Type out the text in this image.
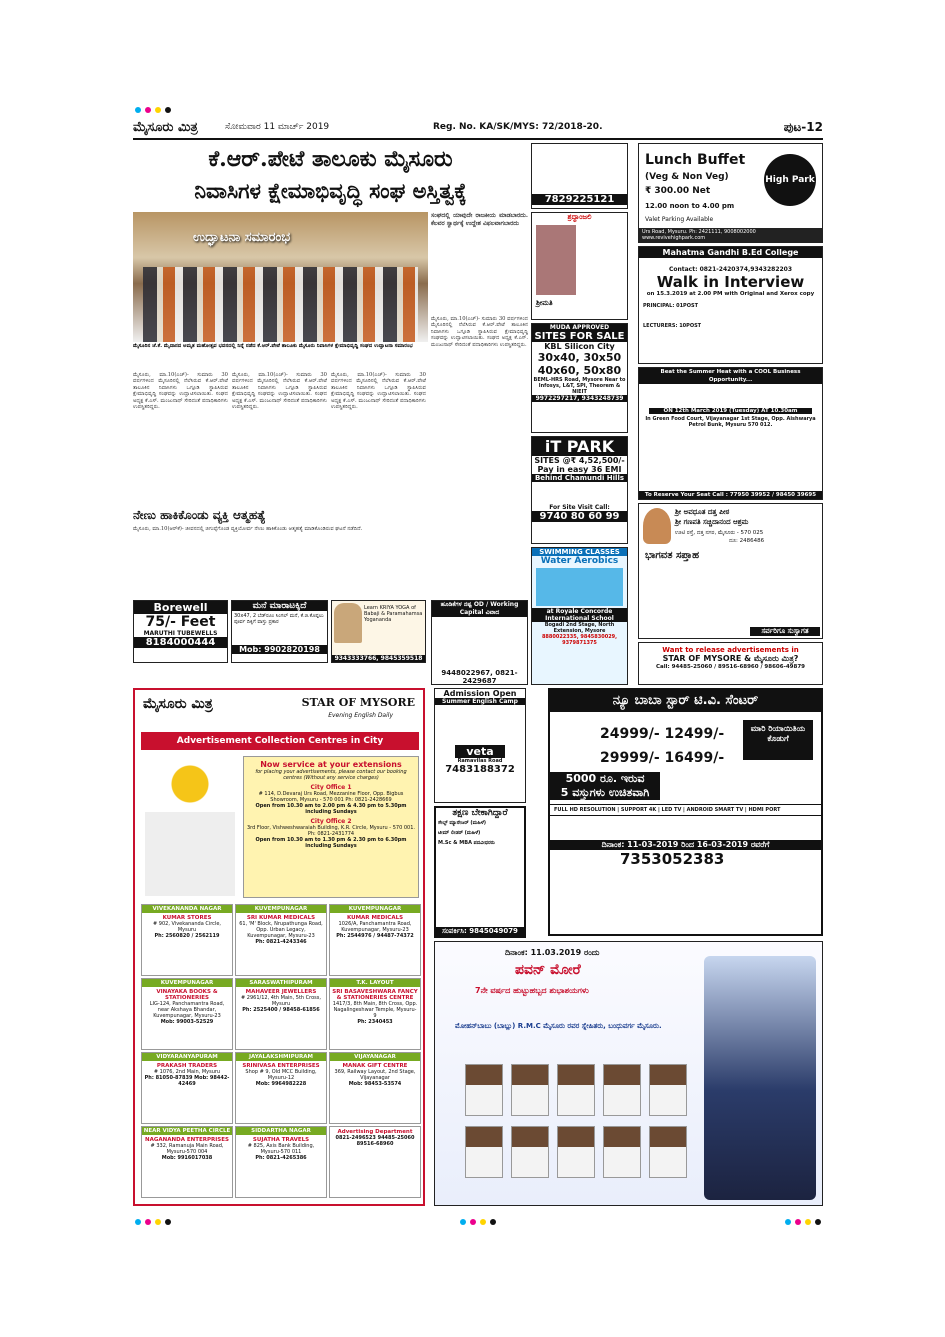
ಮೈಸೂರು ಮಿತ್ರ	ಸೋಮವಾರ 11 ಮಾರ್ಚ್ 2019	Reg. No. KA/SK/MYS: 72/2018-20.	ಪುಟ-12
ಕೆ.ಆರ್.ಪೇಟೆ ತಾಲೂಕು ಮೈಸೂರು
ನಿವಾಸಿಗಳ ಕ್ಷೇಮಾಭಿವೃದ್ಧಿ ಸಂಘ ಅಸ್ತಿತ್ವಕ್ಕೆ
ಉದ್ಘಾಟನಾ ಸಮಾರಂಭ
ಮೈಸೂರಿನ ಜೆ.ಕೆ. ಮೈದಾನದ ಅಮೃತ ಮಹೋತ್ಸವ ಭವನದಲ್ಲಿ ನಿನ್ನೆ ನಡೆದ ಕೆ.ಆರ್.ಪೇಟೆ ತಾಲೂಕು ಮೈಸೂರು ನಿವಾಸಿಗಳ ಕ್ಷೇಮಾಭಿವೃದ್ಧಿ ಸಂಘದ ಉದ್ಘಾಟನಾ ಸಮಾರಂಭ
ಸಂಘದಲ್ಲಿ ಯಾವುದೇ ರಾಜಕೀಯ ಮಾಡಬಾರದು. ಕೆಲವರ ಸ್ವಾರ್ಥಕ್ಕೆ ಉದ್ದೇಶ ವಿಫಲವಾಗಬಾರದು
ಮೈಸೂರು, ಮಾ.10(ಎಚ್)- ಸುಮಾರು 30 ವರ್ಷಗಳಿಂದ ಮೈಸೂರಿನಲ್ಲಿ ನೆಲೆಸಿರುವ ಕೆ.ಆರ್.ಪೇಟೆ ತಾಲೂಕಿನ ನಿವಾಸಿಗಳು ಒಗ್ಗೂಡಿ ಸ್ಥಾಪಿಸಿರುವ ಕ್ಷೇಮಾಭಿವೃದ್ಧಿ ಸಂಘವನ್ನು ಉದ್ಘಾಟಿಸಲಾಯಿತು. ಸಂಘದ ಅಧ್ಯಕ್ಷ ಕೆ.ಎಸ್. ಮಂಜುನಾಥ್ ಸೇರಿದಂತೆ ಪದಾಧಿಕಾರಿಗಳು ಉಪಸ್ಥಿತರಿದ್ದರು.
ಮೈಸೂರು, ಮಾ.10(ಎಚ್)- ಸುಮಾರು 30 ವರ್ಷಗಳಿಂದ ಮೈಸೂರಿನಲ್ಲಿ ನೆಲೆಸಿರುವ ಕೆ.ಆರ್.ಪೇಟೆ ತಾಲೂಕಿನ ನಿವಾಸಿಗಳು ಒಗ್ಗೂಡಿ ಸ್ಥಾಪಿಸಿರುವ ಕ್ಷೇಮಾಭಿವೃದ್ಧಿ ಸಂಘವನ್ನು ಉದ್ಘಾಟಿಸಲಾಯಿತು. ಸಂಘದ ಅಧ್ಯಕ್ಷ ಕೆ.ಎಸ್. ಮಂಜುನಾಥ್ ಸೇರಿದಂತೆ ಪದಾಧಿಕಾರಿಗಳು ಉಪಸ್ಥಿತರಿದ್ದರು.
ಮೈಸೂರು, ಮಾ.10(ಎಚ್)- ಸುಮಾರು 30 ವರ್ಷಗಳಿಂದ ಮೈಸೂರಿನಲ್ಲಿ ನೆಲೆಸಿರುವ ಕೆ.ಆರ್.ಪೇಟೆ ತಾಲೂಕಿನ ನಿವಾಸಿಗಳು ಒಗ್ಗೂಡಿ ಸ್ಥಾಪಿಸಿರುವ ಕ್ಷೇಮಾಭಿವೃದ್ಧಿ ಸಂಘವನ್ನು ಉದ್ಘಾಟಿಸಲಾಯಿತು. ಸಂಘದ ಅಧ್ಯಕ್ಷ ಕೆ.ಎಸ್. ಮಂಜುನಾಥ್ ಸೇರಿದಂತೆ ಪದಾಧಿಕಾರಿಗಳು ಉಪಸ್ಥಿತರಿದ್ದರು.
ಮೈಸೂರು, ಮಾ.10(ಎಚ್)- ಸುಮಾರು 30 ವರ್ಷಗಳಿಂದ ಮೈಸೂರಿನಲ್ಲಿ ನೆಲೆಸಿರುವ ಕೆ.ಆರ್.ಪೇಟೆ ತಾಲೂಕಿನ ನಿವಾಸಿಗಳು ಒಗ್ಗೂಡಿ ಸ್ಥಾಪಿಸಿರುವ ಕ್ಷೇಮಾಭಿವೃದ್ಧಿ ಸಂಘವನ್ನು ಉದ್ಘಾಟಿಸಲಾಯಿತು. ಸಂಘದ ಅಧ್ಯಕ್ಷ ಕೆ.ಎಸ್. ಮಂಜುನಾಥ್ ಸೇರಿದಂತೆ ಪದಾಧಿಕಾರಿಗಳು ಉಪಸ್ಥಿತರಿದ್ದರು.
ನೇಣು ಹಾಕಿಕೊಂಡು ವ್ಯಕ್ತಿ ಆತ್ಮಹತ್ಯೆ
ಮೈಸೂರು, ಮಾ.10(ಆರ್‌ಕೆ)- ಜೀವನದಲ್ಲಿ ಜಿಗುಪ್ಸೆಗೊಂಡ ವ್ಯಕ್ತಿಯೋರ್ವ ನೇಣು ಹಾಕಿಕೊಂಡು ಆತ್ಮಹತ್ಯೆ ಮಾಡಿಕೊಂಡಿರುವ ಘಟನೆ ನಡೆದಿದೆ.
Borewell
75/- Feet
MARUTHI TUBEWELLS
8184000444
ಮನೆ ಮಾರಾಟಕ್ಕಿದೆ
30x47, 2 ಬೆಡ್‌ರೂಂ ಸಿಂಗಲ್ ಮನೆ, ಕೆ.ಜಿ.ಕೊಪ್ಪಲು ಪೂರ್ವ ದಿಕ್ಕಿಗೆ ವಾಸ್ತು ಪ್ರಕಾರ
Mob: 9902820198
Learn KRIYA YOGA of Babaji & Paramahamsa Yogananda
9343333766, 9845359518
ಹೂಡಿಕೆಗಳ ನಷ್ಟ OD / Working Capital ವಿವಾದ
9448022967, 0821-2429687
7829225121
ಶ್ರದ್ಧಾಂಜಲಿ
ಶ್ರೀಮತಿ
MUDA APPROVED
SITES FOR SALE
KBL Silicon City
30x40, 30x50
40x60, 50x80
BEML-HRS Road, Mysore Near to Infosys, L&T, SPI, Theorem & NIEIT
9972297217, 9343248739
iT PARK
SITES @₹ 4,52,500/-
Pay in easy 36 EMI
Behind Chamundi Hills
For Site Visit Call:
9740 80 60 99
SWIMMING CLASSES
Water Aerobics
at Royale Concorde International School
Bogadi 2nd Stage, North Extension, Mysore
8880022335, 9845830029, 9379871375
Lunch Buffet
(Veg & Non Veg)
₹ 300.00 Net
12.00 noon to 4.00 pm
Valet Parking Available
High Park
Urs Road, Mysuru. Ph: 2421111, 9008002000 www.revivehighpark.com
Mahatma Gandhi B.Ed College
Contact: 0821-2420374,9343282203
Walk in Interview
on 15.3.2019 at 2.00 PM with Original and Xerox copy
PRINCIPAL: 01POST
LECTURERS: 10POST
Beat the Summer Heat with a COOL Business Opportunity...
ON 12th March 2019 (Tuesday) AT 10.30am
In Green Food Court, Vijayanagar 1st Stage, Opp. Aishwarya Petrol Bunk, Mysuru 570 012.
To Reserve Your Seat Call : 77950 39952 / 98450 39695
ಶ್ರೀ ಅವಧೂತ ದತ್ತ ಪೀಠ
ಶ್ರೀ ಗಣಪತಿ ಸಚ್ಚಿದಾನಂದ ಆಶ್ರಮ
ಊಟಿ ರಸ್ತೆ, ದತ್ತ ನಗರ, ಮೈಸೂರು - 570 025
ದೂ: 2486486
ಭಾಗವತ ಸಪ್ತಾಹ
ಸರ್ವರಿಗೂ ಸುಸ್ವಾಗತ
Want to release advertisements in
STAR OF MYSORE & ಮೈಸೂರು ಮಿತ್ರ?
Call: 94485-25060 / 89516-68960 / 98606-49879
ಮೈಸೂರು ಮಿತ್ರ	STAR OF MYSORE
Evening English Daily
Advertisement Collection Centres in City
Now service at your extensions
for placing your advertisements, please contact our booking centres (Without any service charges)
City Office 1
# 114, D.Devaraj Urs Road, Mezzanine Floor, Opp. Bigbus Showroom, Mysuru - 570 001 Ph: 0821-2428669
Open from 10.30 am to 2.00 pm & 4.30 pm to 5.30pm including Sundays
City Office 2
3rd Floor, Vishweshwaraiah Building, K.R. Circle, Mysuru - 570 001. Ph: 0821-2431774
Open from 10.30 am to 1.30 pm & 2.30 pm to 6.30pm including Sundays
VIVEKANANDA NAGAR
KUMAR STORES
# 902, Vivekananda Circle, Mysuru
Ph: 2560820 / 2562119
KUVEMPUNAGAR
SRI KUMAR MEDICALS
61, 'M' Block, Nrupathunga Road, Opp. Urban Legacy, Kuvempunagar, Mysuru-23
Ph: 0821-4243346
KUVEMPUNAGAR
KUMAR MEDICALS
1026/A, Panchamantra Road, Kuvempunagar, Mysuru-23
Ph: 2544976 / 94487-74372
KUVEMPUNAGAR
VINAYAKA BOOKS & STATIONERIES
LIG-124, Panchamantra Road, near Akshaya Bhandar, Kuvempunagar, Mysuru-23
Mob: 99003-52529
SARASWATHIPURAM
MAHAVEER JEWELLERS
# 2961/12, 4th Main, 5th Cross, Mysuru
Ph: 2525400 / 98458-61856
T.K. LAYOUT
SRI BASAVESHWARA FANCY & STATIONERIES CENTRE
1417/3, 8th Main, 8th Cross, Opp. Nagalingeshwar Temple, Mysuru-9
Ph: 2340453
VIDYARANYAPURAM
PRAKASH TRADERS
# 1076, 2nd Main, Mysuru
Ph: 81050-87839 Mob: 98442-42469
JAYALAKSHMIPURAM
SRINIVASA ENTERPRISES
Shop # 9, Old MCC Building, Mysuru-12
Mob: 9964982228
VIJAYANAGAR
MANAK GIFT CENTRE
369, Railway Layout, 2nd Stage, Vijayanagar
Mob: 98453-53574
NEAR VIDYA PEETHA CIRCLE
NAGANANDA ENTERPRISES
# 332, Ramanuja Main Road, Mysuru-570 004
Mob: 9916017038
SIDDARTHA NAGAR
SUJATHA TRAVELS
# 825, Axis Bank Building, Mysuru-570 011
Ph: 0821-4265386
Advertising Department
0821-2496523 94485-25060 89516-68960
Admission Open
Summer English Camp
veta
Ramavilas Road
7483188372
ತಕ್ಷಣ ಬೇಕಾಗಿದ್ದಾರೆ
ಸೇಲ್ಸ್ ಮ್ಯಾನೇಜರ್ (ಮಹಿಳೆ)
ಟೀಮ್ ಲೀಡರ್ (ಮಹಿಳೆ)
M.Sc & MBA ಪದವೀಧರರು
ಸಂಪರ್ಕಿಸಿ: 9845049079
ನ್ಯೂ ಬಾಬಾ ಸ್ಟಾರ್ ಟಿ.ವಿ. ಸೆಂಟರ್
24999/- 12499/-
29999/- 16499/-
ಮಾರಿ ರಿಯಾಯಿತಿಯ ಕೊಡುಗೆ
5000 ರೂ. ಇರುವ
5 ವಸ್ತುಗಳು ಉಚಿತವಾಗಿ
FULL HD RESOLUTION | SUPPORT 4K | LED TV | ANDROID SMART TV | HDMI PORT
ದಿನಾಂಕ: 11-03-2019 ರಿಂದ 16-03-2019 ರವರೆಗೆ
7353052383
ದಿನಾಂಕ: 11.03.2019 ರಂದು
ಪವನ್ ಮೋರೆ
7ನೇ ವರ್ಷದ ಹುಟ್ಟುಹಬ್ಬದ ಶುಭಾಶಯಗಳು
ಮೋಹನ್‌ಬಾಬು (ಬಾಬ್ಲು) R.M.C ಮೈಸೂರು ರವರ ಸ್ನೇಹಿತರು, ಬಂಧುವರ್ಗ ಮೈಸೂರು.
